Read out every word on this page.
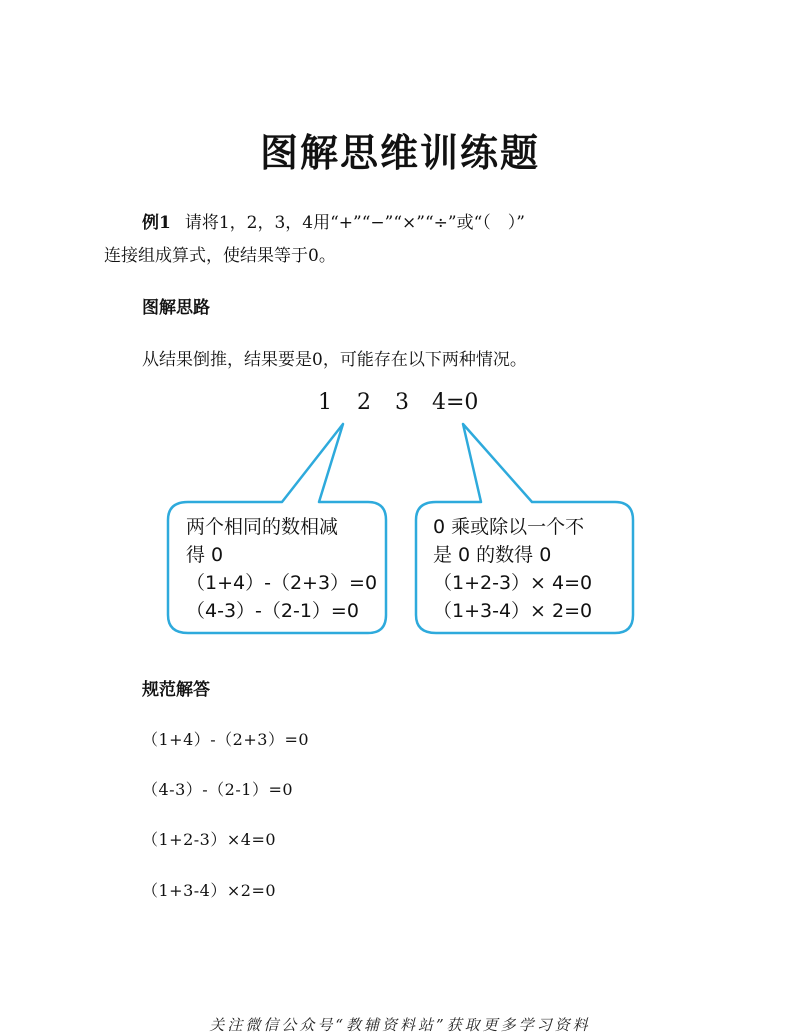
图解思维训练题
例1 请将1，2，3，4用“+”“−”“×”“÷”或“（　）”
连接组成算式，使结果等于0。
图解思路
从结果倒推，结果要是0，可能存在以下两种情况。
1 2 3 4=0
两个相同的数相减
得 0
（1+4）-（2+3）=0
（4-3）-（2-1）=0
0 乘或除以一个不
是 0 的数得 0
（1+2-3）× 4=0
（1+3-4）× 2=0
规范解答
（1+4）-（2+3）=0
（4-3）-（2-1）=0
（1+2-3）×4=0
（1+3-4）×2=0
关注微信公众号“教辅资料站”获取更多学习资料
